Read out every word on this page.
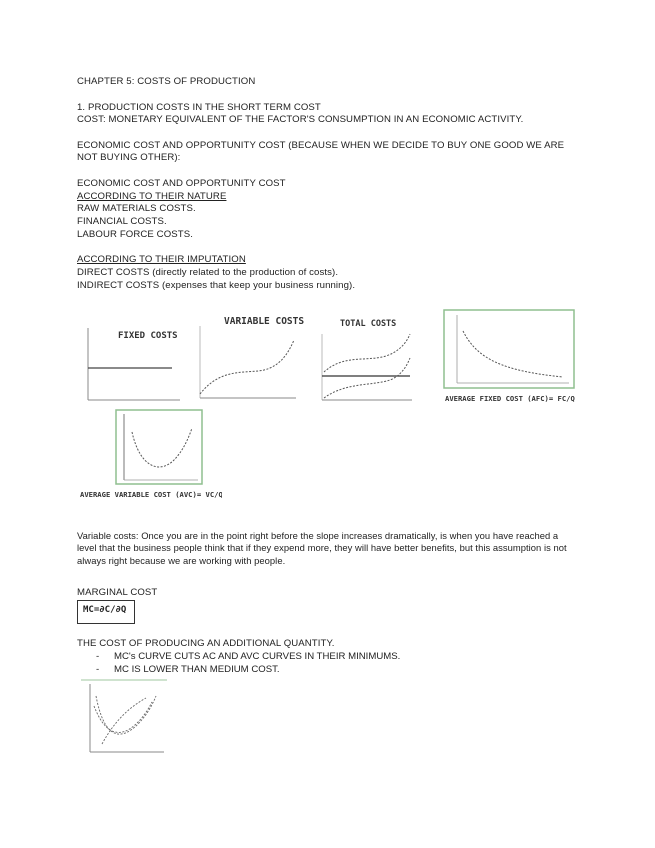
CHAPTER 5: COSTS OF PRODUCTION
1. PRODUCTION COSTS IN THE SHORT TERM COST
COST: MONETARY EQUIVALENT OF THE FACTOR'S CONSUMPTION IN AN ECONOMIC ACTIVITY.
ECONOMIC COST AND OPPORTUNITY COST (BECAUSE WHEN WE DECIDE TO BUY ONE GOOD WE ARE
NOT BUYING OTHER):
ECONOMIC COST AND OPPORTUNITY COST
ACCORDING TO THEIR NATURE
RAW MATERIALS COSTS.
FINANCIAL COSTS.
LABOUR FORCE COSTS.
ACCORDING TO THEIR IMPUTATION
DIRECT COSTS (directly related to the production of costs).
INDIRECT COSTS (expenses that keep your business running).
FIXED COSTS
VARIABLE COSTS	TOTAL COSTS
AVERAGE FIXED COST (AFC)= FC/Q
AVERAGE VARIABLE COST (AVC)= VC/Q
Variable costs: Once you are in the point right before the slope increases dramatically, is when you have reached a
level that the business people think that if they expend more, they will have better benefits, but this assumption is not
always right because we are working with people.
MARGINAL COST
MC=∂C/∂Q
THE COST OF PRODUCING AN ADDITIONAL QUANTITY.
- MC's CURVE CUTS AC AND AVC CURVES IN THEIR MINIMUMS.
- MC IS LOWER THAN MEDIUM COST.
